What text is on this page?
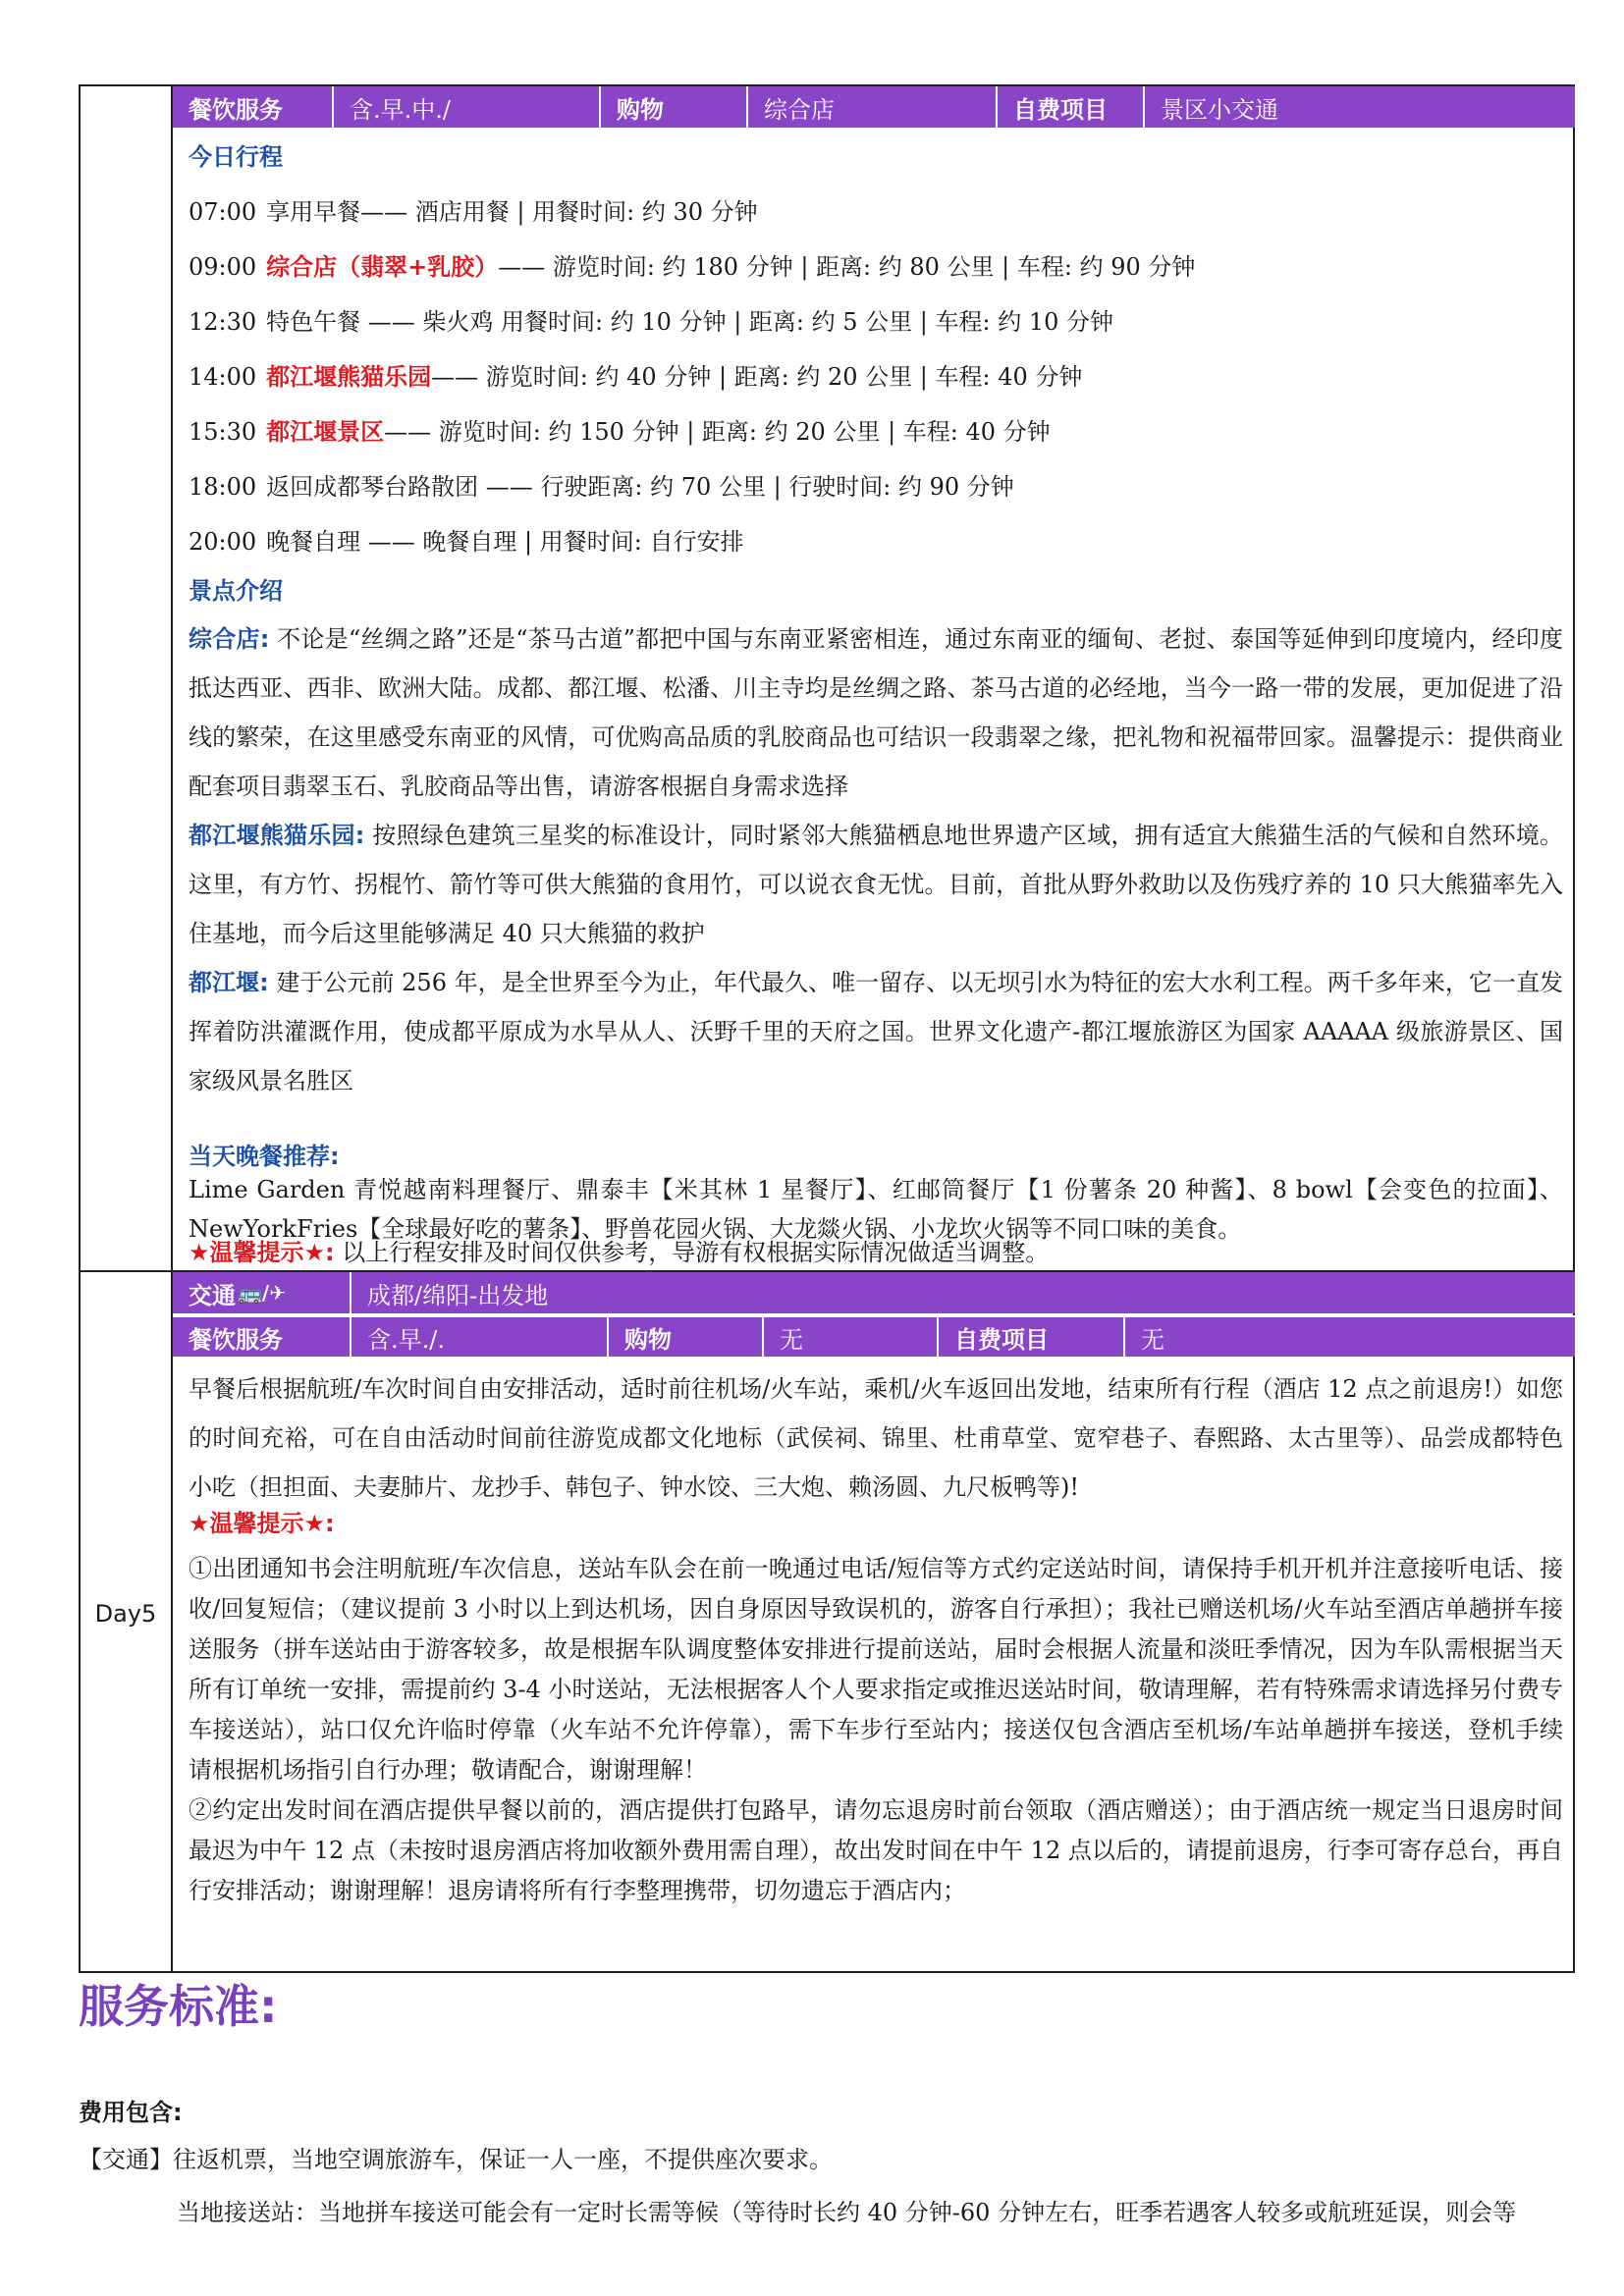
餐饮服务	含.早.中./	购物	综合店	自费项目	景区小交通
今日行程
07:00 享用早餐—— 酒店用餐 | 用餐时间: 约 30 分钟
09:00 综合店（翡翠+乳胶）—— 游览时间: 约 180 分钟 | 距离: 约 80 公里 | 车程: 约 90 分钟
12:30 特色午餐 —— 柴火鸡 用餐时间: 约 10 分钟 | 距离: 约 5 公里 | 车程: 约 10 分钟
14:00 都江堰熊猫乐园—— 游览时间: 约 40 分钟 | 距离: 约 20 公里 | 车程: 40 分钟
15:30 都江堰景区—— 游览时间: 约 150 分钟 | 距离: 约 20 公里 | 车程: 40 分钟
18:00 返回成都琴台路散团 —— 行驶距离: 约 70 公里 | 行驶时间: 约 90 分钟
20:00 晚餐自理 —— 晚餐自理 | 用餐时间: 自行安排
景点介绍
综合店: 不论是“丝绸之路”还是“茶马古道”都把中国与东南亚紧密相连，通过东南亚的缅甸、老挝、泰国等延伸到印度境内，经印度抵达西亚、西非、欧洲大陆。成都、都江堰、松潘、川主寺均是丝绸之路、茶马古道的必经地，当今一路一带的发展，更加促进了沿线的繁荣，在这里感受东南亚的风情，可优购高品质的乳胶商品也可结识一段翡翠之缘，把礼物和祝福带回家。温馨提示：提供商业配套项目翡翠玉石、乳胶商品等出售，请游客根据自身需求选择
都江堰熊猫乐园: 按照绿色建筑三星奖的标准设计，同时紧邻大熊猫栖息地世界遗产区域，拥有适宜大熊猫生活的气候和自然环境。这里，有方竹、拐棍竹、箭竹等可供大熊猫的食用竹，可以说衣食无忧。目前，首批从野外救助以及伤残疗养的 10 只大熊猫率先入住基地，而今后这里能够满足 40 只大熊猫的救护
都江堰: 建于公元前 256 年，是全世界至今为止，年代最久、唯一留存、以无坝引水为特征的宏大水利工程。两千多年来，它一直发挥着防洪灌溉作用，使成都平原成为水旱从人、沃野千里的天府之国。世界文化遗产-都江堰旅游区为国家 AAAAA 级旅游景区、国家级风景名胜区
当天晚餐推荐:
Lime Garden 青悦越南料理餐厅、鼎泰丰【米其林 1 星餐厅】、红邮筒餐厅【1 份薯条 20 种酱】、8 bowl【会变色的拉面】、NewYorkFries【全球最好吃的薯条】、野兽花园火锅、大龙燚火锅、小龙坎火锅等不同口味的美食。
★温馨提示★: 以上行程安排及时间仅供参考，导游有权根据实际情况做适当调整。
交通 🚌/✈	成都/绵阳-出发地
餐饮服务	含.早./.	购物	无	自费项目	无
Day5
早餐后根据航班/车次时间自由安排活动，适时前往机场/火车站，乘机/火车返回出发地，结束所有行程（酒店 12 点之前退房!）如您的时间充裕，可在自由活动时间前往游览成都文化地标（武侯祠、锦里、杜甫草堂、宽窄巷子、春熙路、太古里等）、品尝成都特色小吃（担担面、夫妻肺片、龙抄手、韩包子、钟水饺、三大炮、赖汤圆、九尺板鸭等)!
★温馨提示★:
①出团通知书会注明航班/车次信息，送站车队会在前一晚通过电话/短信等方式约定送站时间，请保持手机开机并注意接听电话、接收/回复短信；（建议提前 3 小时以上到达机场，因自身原因导致误机的，游客自行承担）；我社已赠送机场/火车站至酒店单趟拼车接送服务（拼车送站由于游客较多，故是根据车队调度整体安排进行提前送站，届时会根据人流量和淡旺季情况，因为车队需根据当天所有订单统一安排，需提前约 3-4 小时送站，无法根据客人个人要求指定或推迟送站时间，敬请理解，若有特殊需求请选择另付费专车接送站），站口仅允许临时停靠（火车站不允许停靠），需下车步行至站内；接送仅包含酒店至机场/车站单趟拼车接送，登机手续请根据机场指引自行办理；敬请配合，谢谢理解！
②约定出发时间在酒店提供早餐以前的，酒店提供打包路早，请勿忘退房时前台领取（酒店赠送）；由于酒店统一规定当日退房时间最迟为中午 12 点（未按时退房酒店将加收额外费用需自理），故出发时间在中午 12 点以后的，请提前退房，行李可寄存总台，再自行安排活动；谢谢理解！退房请将所有行李整理携带，切勿遗忘于酒店内；
服务标准:
费用包含:
【交通】往返机票，当地空调旅游车，保证一人一座，不提供座次要求。
当地接送站：当地拼车接送可能会有一定时长需等候（等待时长约 40 分钟-60 分钟左右，旺季若遇客人较多或航班延误，则会等
